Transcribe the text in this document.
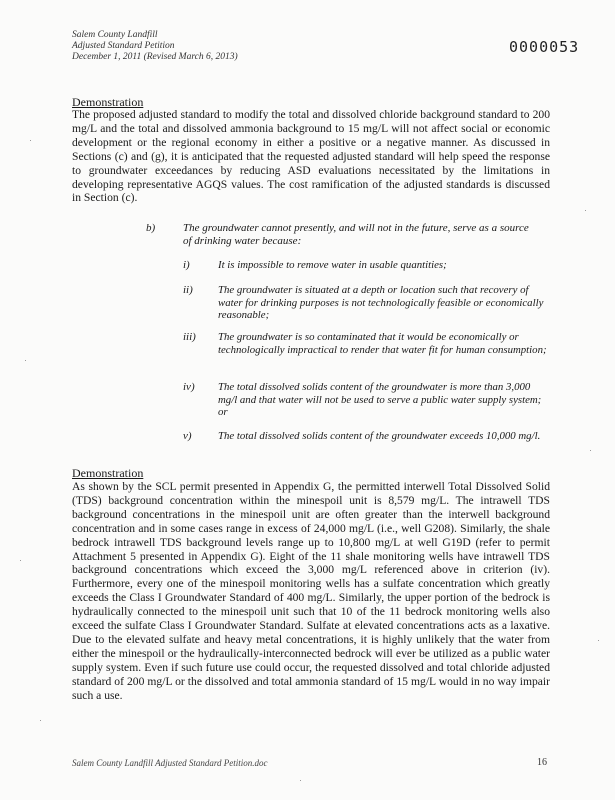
Salem County Landfill
Adjusted Standard Petition
December 1, 2011 (Revised March 6, 2013)
0000053
Demonstration

The proposed adjusted standard to modify the total and dissolved chloride background standard to 200 mg/L and the total and dissolved ammonia background to 15 mg/L will not affect social or economic development or the regional economy in either a positive or a negative manner. As discussed in Sections (c) and (g), it is anticipated that the requested adjusted standard will help speed the response to groundwater exceedances by reducing ASD evaluations necessitated by the limitations in developing representative AGQS values. The cost ramification of the adjusted standards is discussed in Section (c).

b)	The groundwater cannot presently, and will not in the future, serve as a source of drinking water because:
i)	It is impossible to remove water in usable quantities;
ii)	The groundwater is situated at a depth or location such that recovery of water for drinking purposes is not technologically feasible or economically reasonable;
iii)	The groundwater is so contaminated that it would be economically or technologically impractical to render that water fit for human consumption;
iv)	The total dissolved solids content of the groundwater is more than 3,000 mg/l and that water will not be used to serve a public water supply system; or
v)	The total dissolved solids content of the groundwater exceeds 10,000 mg/l.
Demonstration

As shown by the SCL permit presented in Appendix G, the permitted interwell Total Dissolved Solid (TDS) background concentration within the minespoil unit is 8,579 mg/L. The intrawell TDS background concentrations in the minespoil unit are often greater than the interwell background concentration and in some cases range in excess of 24,000 mg/L (i.e., well G208). Similarly, the shale bedrock intrawell TDS background levels range up to 10,800 mg/L at well G19D (refer to permit Attachment 5 presented in Appendix G). Eight of the 11 shale monitoring wells have intrawell TDS background concentrations which exceed the 3,000 mg/L referenced above in criterion (iv). Furthermore, every one of the minespoil monitoring wells has a sulfate concentration which greatly exceeds the Class I Groundwater Standard of 400 mg/L. Similarly, the upper portion of the bedrock is hydraulically connected to the minespoil unit such that 10 of the 11 bedrock monitoring wells also exceed the sulfate Class I Groundwater Standard. Sulfate at elevated concentrations acts as a laxative. Due to the elevated sulfate and heavy metal concentrations, it is highly unlikely that the water from either the minespoil or the hydraulically-interconnected bedrock will ever be utilized as a public water supply system. Even if such future use could occur, the requested dissolved and total chloride adjusted standard of 200 mg/L or the dissolved and total ammonia standard of 15 mg/L would in no way impair such a use.

Salem County Landfill Adjusted Standard Petition.doc	16
